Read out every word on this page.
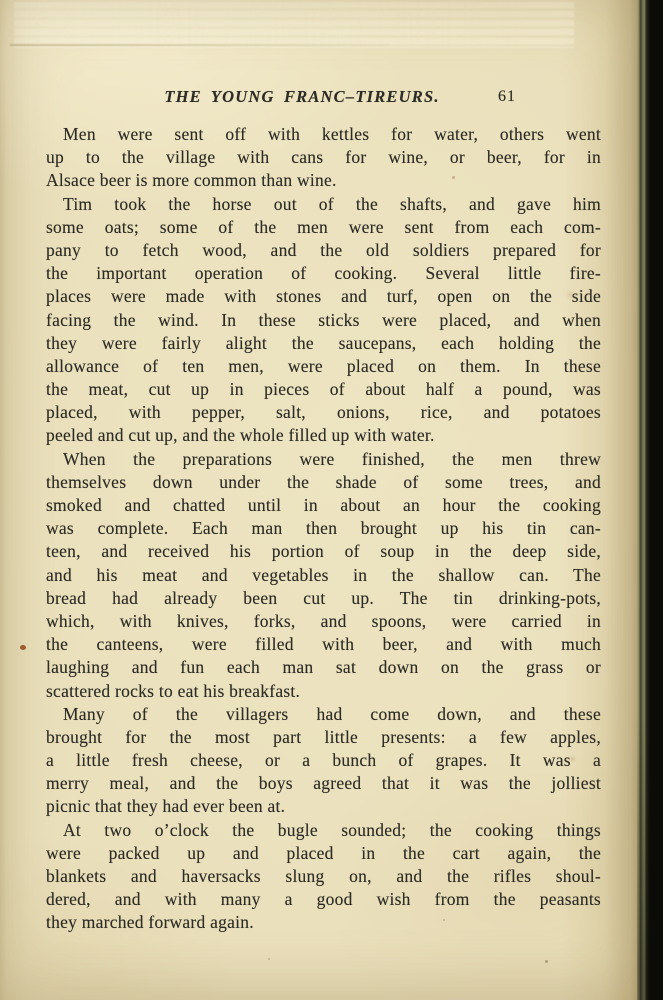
THE YOUNG FRANC–TIREURS.	61

Men were sent off with kettles for water, others went
up to the village with cans for wine, or beer, for in
Alsace beer is more common than wine.

Tim took the horse out of the shafts, and gave him
some oats; some of the men were sent from each com-
pany to fetch wood, and the old soldiers prepared for
the important operation of cooking. Several little fire-
places were made with stones and turf, open on the side
facing the wind. In these sticks were placed, and when
they were fairly alight the saucepans, each holding the
allowance of ten men, were placed on them. In these
the meat, cut up in pieces of about half a pound, was
placed, with pepper, salt, onions, rice, and potatoes
peeled and cut up, and the whole filled up with water.

When the preparations were finished, the men threw
themselves down under the shade of some trees, and
smoked and chatted until in about an hour the cooking
was complete. Each man then brought up his tin can-
teen, and received his portion of soup in the deep side,
and his meat and vegetables in the shallow can. The
bread had already been cut up. The tin drinking-pots,
which, with knives, forks, and spoons, were carried in
the canteens, were filled with beer, and with much
laughing and fun each man sat down on the grass or
scattered rocks to eat his breakfast.

Many of the villagers had come down, and these
brought for the most part little presents: a few apples,
a little fresh cheese, or a bunch of grapes. It was a
merry meal, and the boys agreed that it was the jolliest
picnic that they had ever been at.

At two o’clock the bugle sounded; the cooking things
were packed up and placed in the cart again, the
blankets and haversacks slung on, and the rifles shoul-
dered, and with many a good wish from the peasants
they marched forward again.
